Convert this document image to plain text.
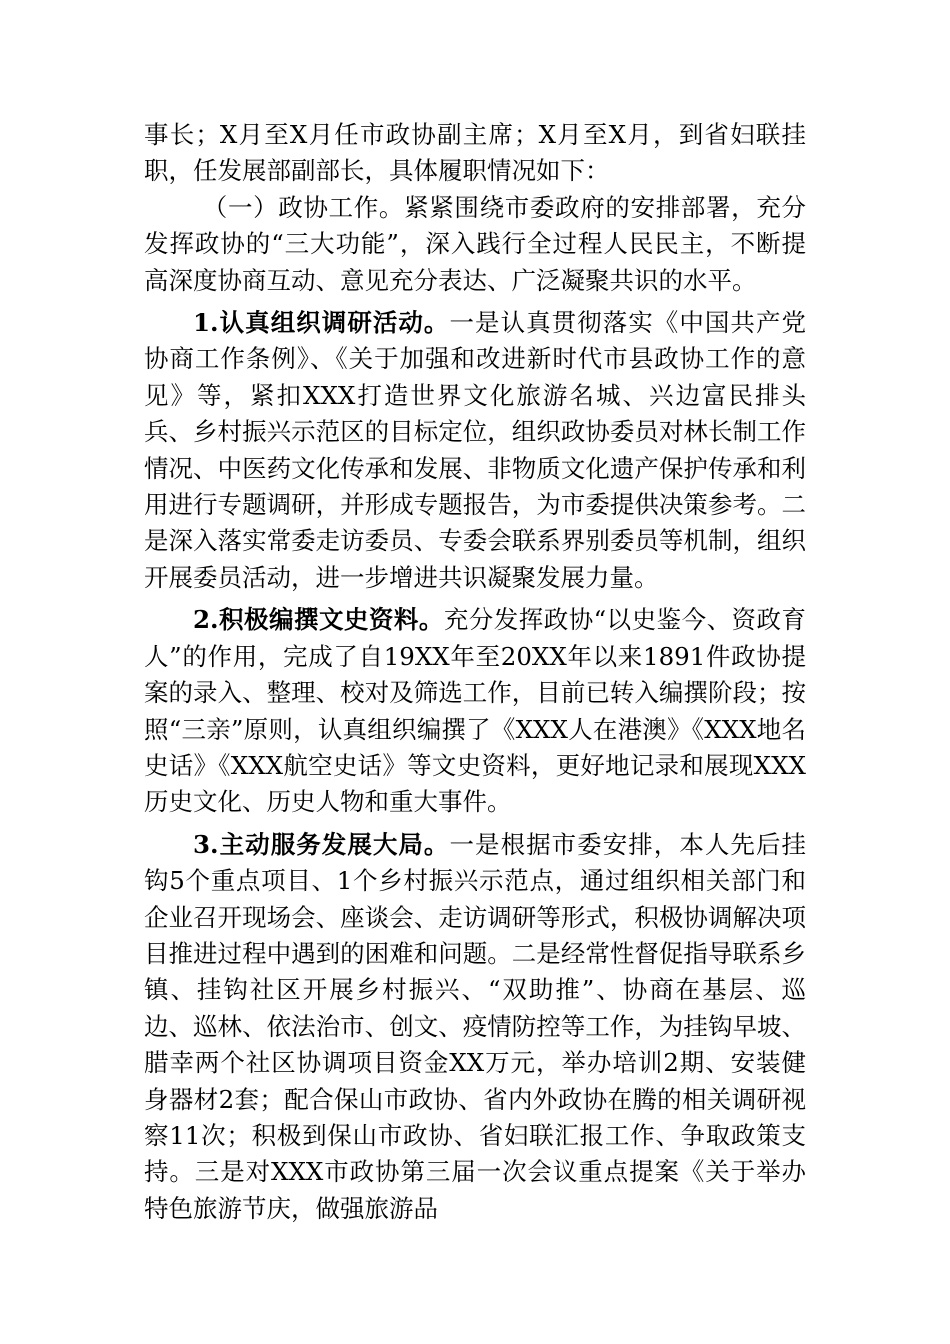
事长；X月至X月任市政协副主席；X月至X月，到省妇联挂职，任发展部副部长，具体履职情况如下：

（一）政协工作。紧紧围绕市委政府的安排部署，充分发挥政协的“三大功能”，深入践行全过程人民民主，不断提高深度协商互动、意见充分表达、广泛凝聚共识的水平。

1.认真组织调研活动。一是认真贯彻落实《中国共产党协商工作条例》、《关于加强和改进新时代市县政协工作的意见》等，紧扣XXX打造世界文化旅游名城、兴边富民排头兵、乡村振兴示范区的目标定位，组织政协委员对林长制工作情况、中医药文化传承和发展、非物质文化遗产保护传承和利用进行专题调研，并形成专题报告，为市委提供决策参考。二是深入落实常委走访委员、专委会联系界别委员等机制，组织开展委员活动，进一步增进共识凝聚发展力量。

2.积极编撰文史资料。充分发挥政协“以史鉴今、资政育人”的作用，完成了自19XX年至20XX年以来1891件政协提案的录入、整理、校对及筛选工作，目前已转入编撰阶段；按照“三亲”原则，认真组织编撰了《XXX人在港澳》《XXX地名史话》《XXX航空史话》等文史资料，更好地记录和展现XXX历史文化、历史人物和重大事件。

3.主动服务发展大局。一是根据市委安排，本人先后挂钩5个重点项目、1个乡村振兴示范点，通过组织相关部门和企业召开现场会、座谈会、走访调研等形式，积极协调解决项目推进过程中遇到的困难和问题。二是经常性督促指导联系乡镇、挂钩社区开展乡村振兴、“双助推”、协商在基层、巡边、巡林、依法治市、创文、疫情防控等工作，为挂钩早坡、腊幸两个社区协调项目资金XX万元，举办培训2期、安装健身器材2套；配合保山市政协、省内外政协在腾的相关调研视察11次；积极到保山市政协、省妇联汇报工作、争取政策支持。三是对XXX市政协第三届一次会议重点提案《关于举办特色旅游节庆，做强旅游品
